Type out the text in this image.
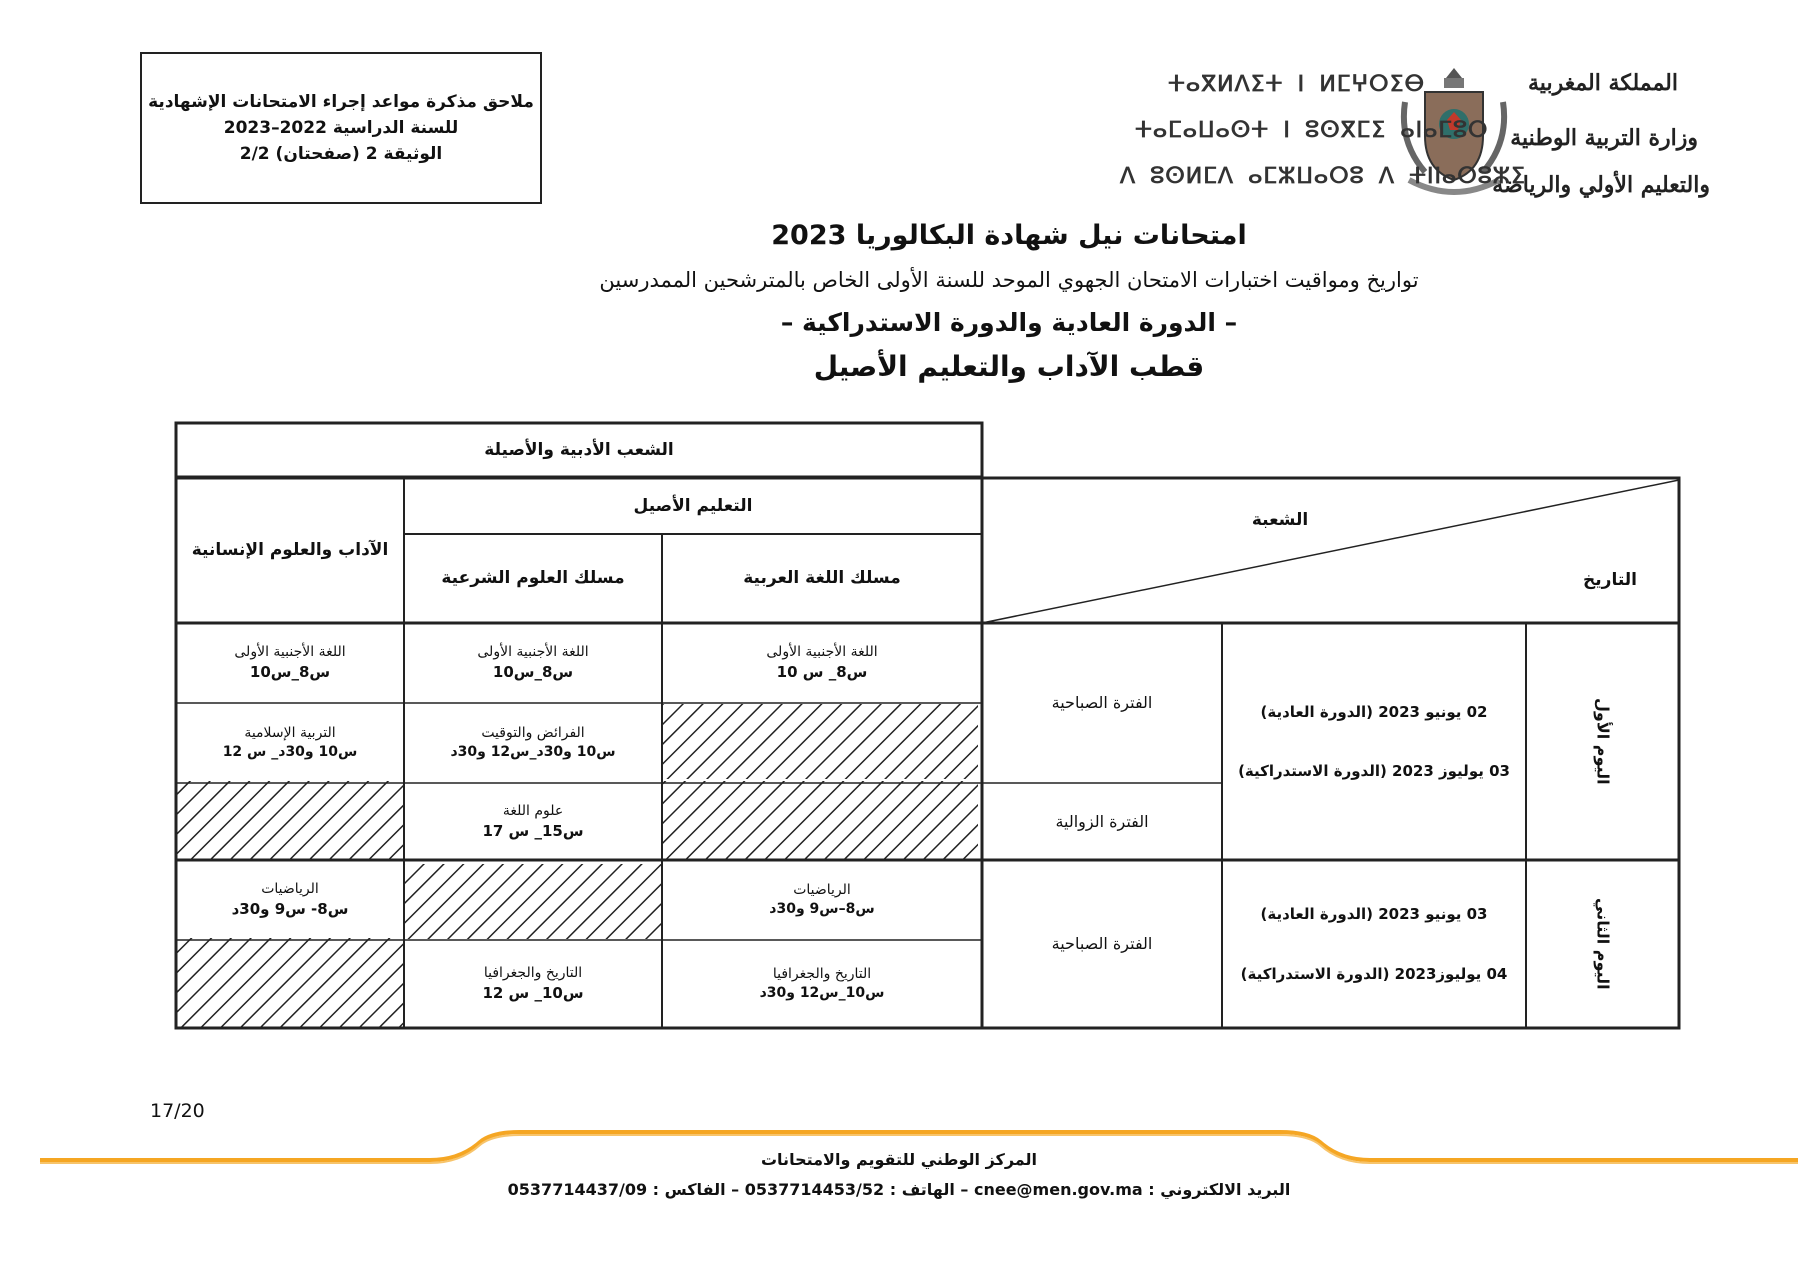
ملاحق مذكرة مواعد إجراء الامتحانات الإشهادية
للسنة الدراسية 2022–2023
الوثيقة 2 (صفحتان) 2/2
المملكة المغربية
وزارة التربية الوطنية
والتعليم الأولي والرياضة
ⵜⴰⴳⵍⴷⵉⵜ ⵏ ⵍⵎⵖⵔⵉⴱ
ⵜⴰⵎⴰⵡⴰⵙⵜ ⵏ ⵓⵙⴳⵎⵉ ⴰⵏⴰⵎⵓⵔ
ⴷ ⵓⵙⵍⵎⴷ ⴰⵎⵣⵡⴰⵔⵓ ⴷ ⵜⵏⵏⴰⵔⵓⵣⵉ
امتحانات نيل شهادة البكالوريا 2023
تواريخ ومواقيت اختبارات الامتحان الجهوي الموحد للسنة الأولى الخاص بالمترشحين الممدرسين
– الدورة العادية والدورة الاستدراكية –
قطب الآداب والتعليم الأصيل
الشعب الأدبية والأصيلة
التعليم الأصيل
الآداب والعلوم الإنسانية
مسلك العلوم الشرعية	مسلك اللغة العربية
الشعبة
التاريخ
اليوم الأول
02 يونيو 2023 (الدورة العادية)
03 يوليوز 2023 (الدورة الاستدراكية)
الفترة الصباحية
الفترة الزوالية
اللغة الأجنبية الأولى
س8_ س 10
اللغة الأجنبية الأولى
س8_س10
اللغة الأجنبية الأولى
س8_س10
الفرائض والتوقيت
س10 و30د_س12 و30د
التربية الإسلامية
س10 و30د_ س 12
علوم اللغة
س15_ س 17
اليوم الثاني
03 يونيو 2023 (الدورة العادية)
04 يوليوز2023 (الدورة الاستدراكية)
الفترة الصباحية
الرياضيات
س8–س9 و30د
الرياضيات
س8- س9 و30د
التاريخ والجغرافيا
س10_س12 و30د
التاريخ والجغرافيا
س10_ س 12
17/20
المركز الوطني للتقويم والامتحانات
البريد الالكتروني : cnee@men.gov.ma – الهاتف : 0537714453/52 – الفاكس : 0537714437/09
